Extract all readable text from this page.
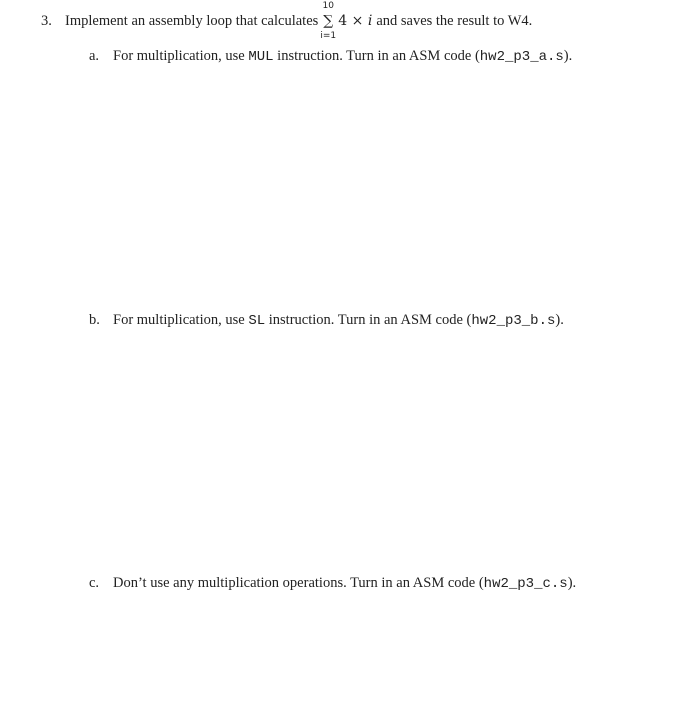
3. Implement an assembly loop that calculates
10
∑
i=1
4 × i and saves the result to W4.
a. For multiplication, use MUL instruction. Turn in an ASM code (hw2_p3_a.s).
b. For multiplication, use SL instruction. Turn in an ASM code (hw2_p3_b.s).
c. Don’t use any multiplication operations. Turn in an ASM code (hw2_p3_c.s).
